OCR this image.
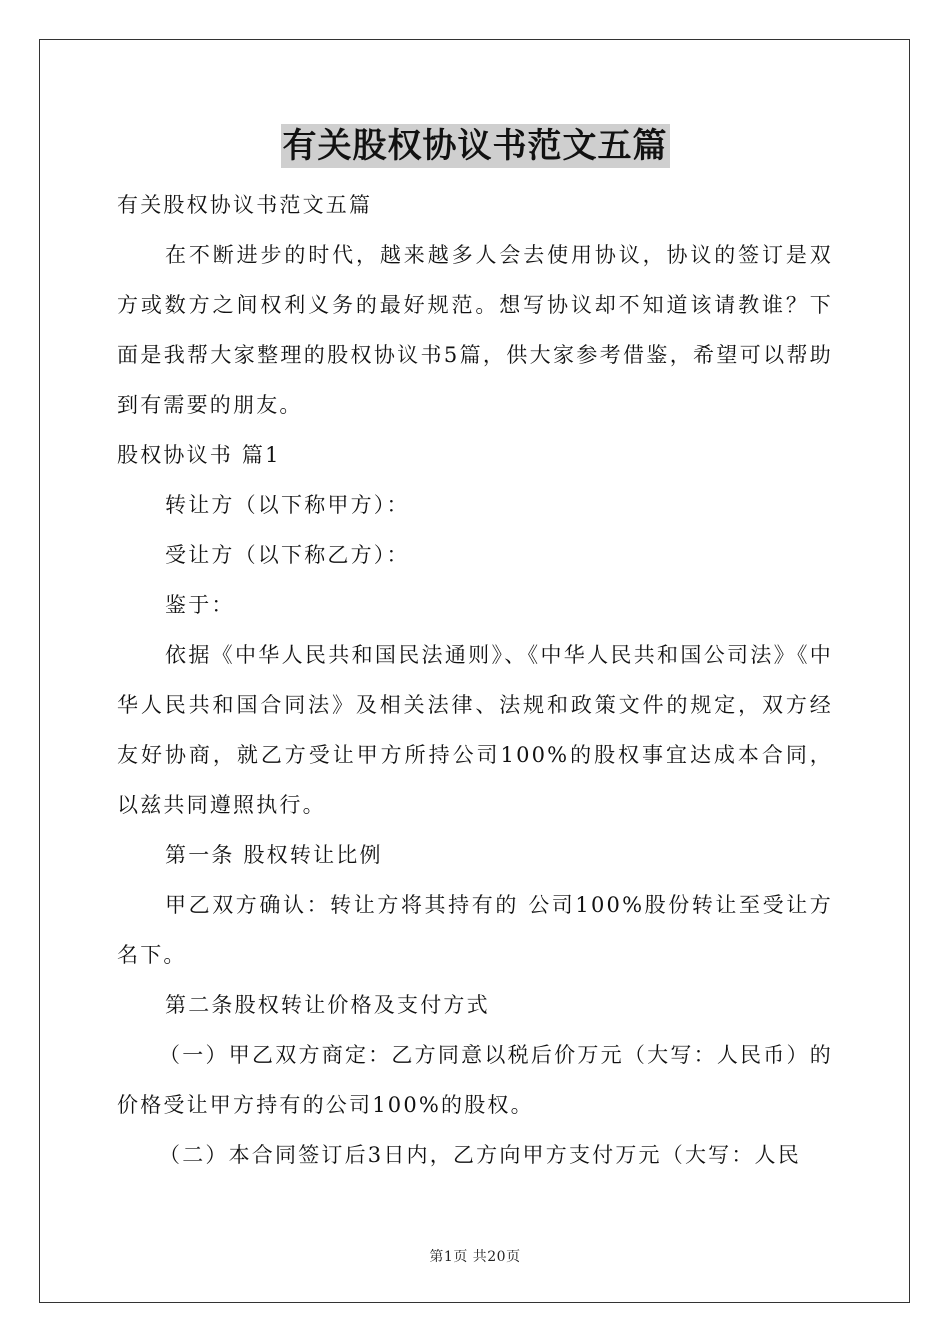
有关股权协议书范文五篇

有关股权协议书范文五篇

在不断进步的时代，越来越多人会去使用协议，协议的签订是双方或数方之间权利义务的最好规范。想写协议却不知道该请教谁？下面是我帮大家整理的股权协议书5篇，供大家参考借鉴，希望可以帮助到有需要的朋友。

股权协议书 篇1

转让方（以下称甲方）：

受让方（以下称乙方）：

鉴于：

依据《中华人民共和国民法通则》、《中华人民共和国公司法》《中华人民共和国合同法》及相关法律、法规和政策文件的规定，双方经友好协商，就乙方受让甲方所持公司100%的股权事宜达成本合同，以兹共同遵照执行。

第一条 股权转让比例

甲乙双方确认：转让方将其持有的 公司100%股份转让至受让方名下。

第二条股权转让价格及支付方式

（一）甲乙双方商定：乙方同意以税后价万元（大写：人民币）的价格受让甲方持有的公司100%的股权。

（二）本合同签订后3日内，乙方向甲方支付万元（大写：人民

第1页 共20页
